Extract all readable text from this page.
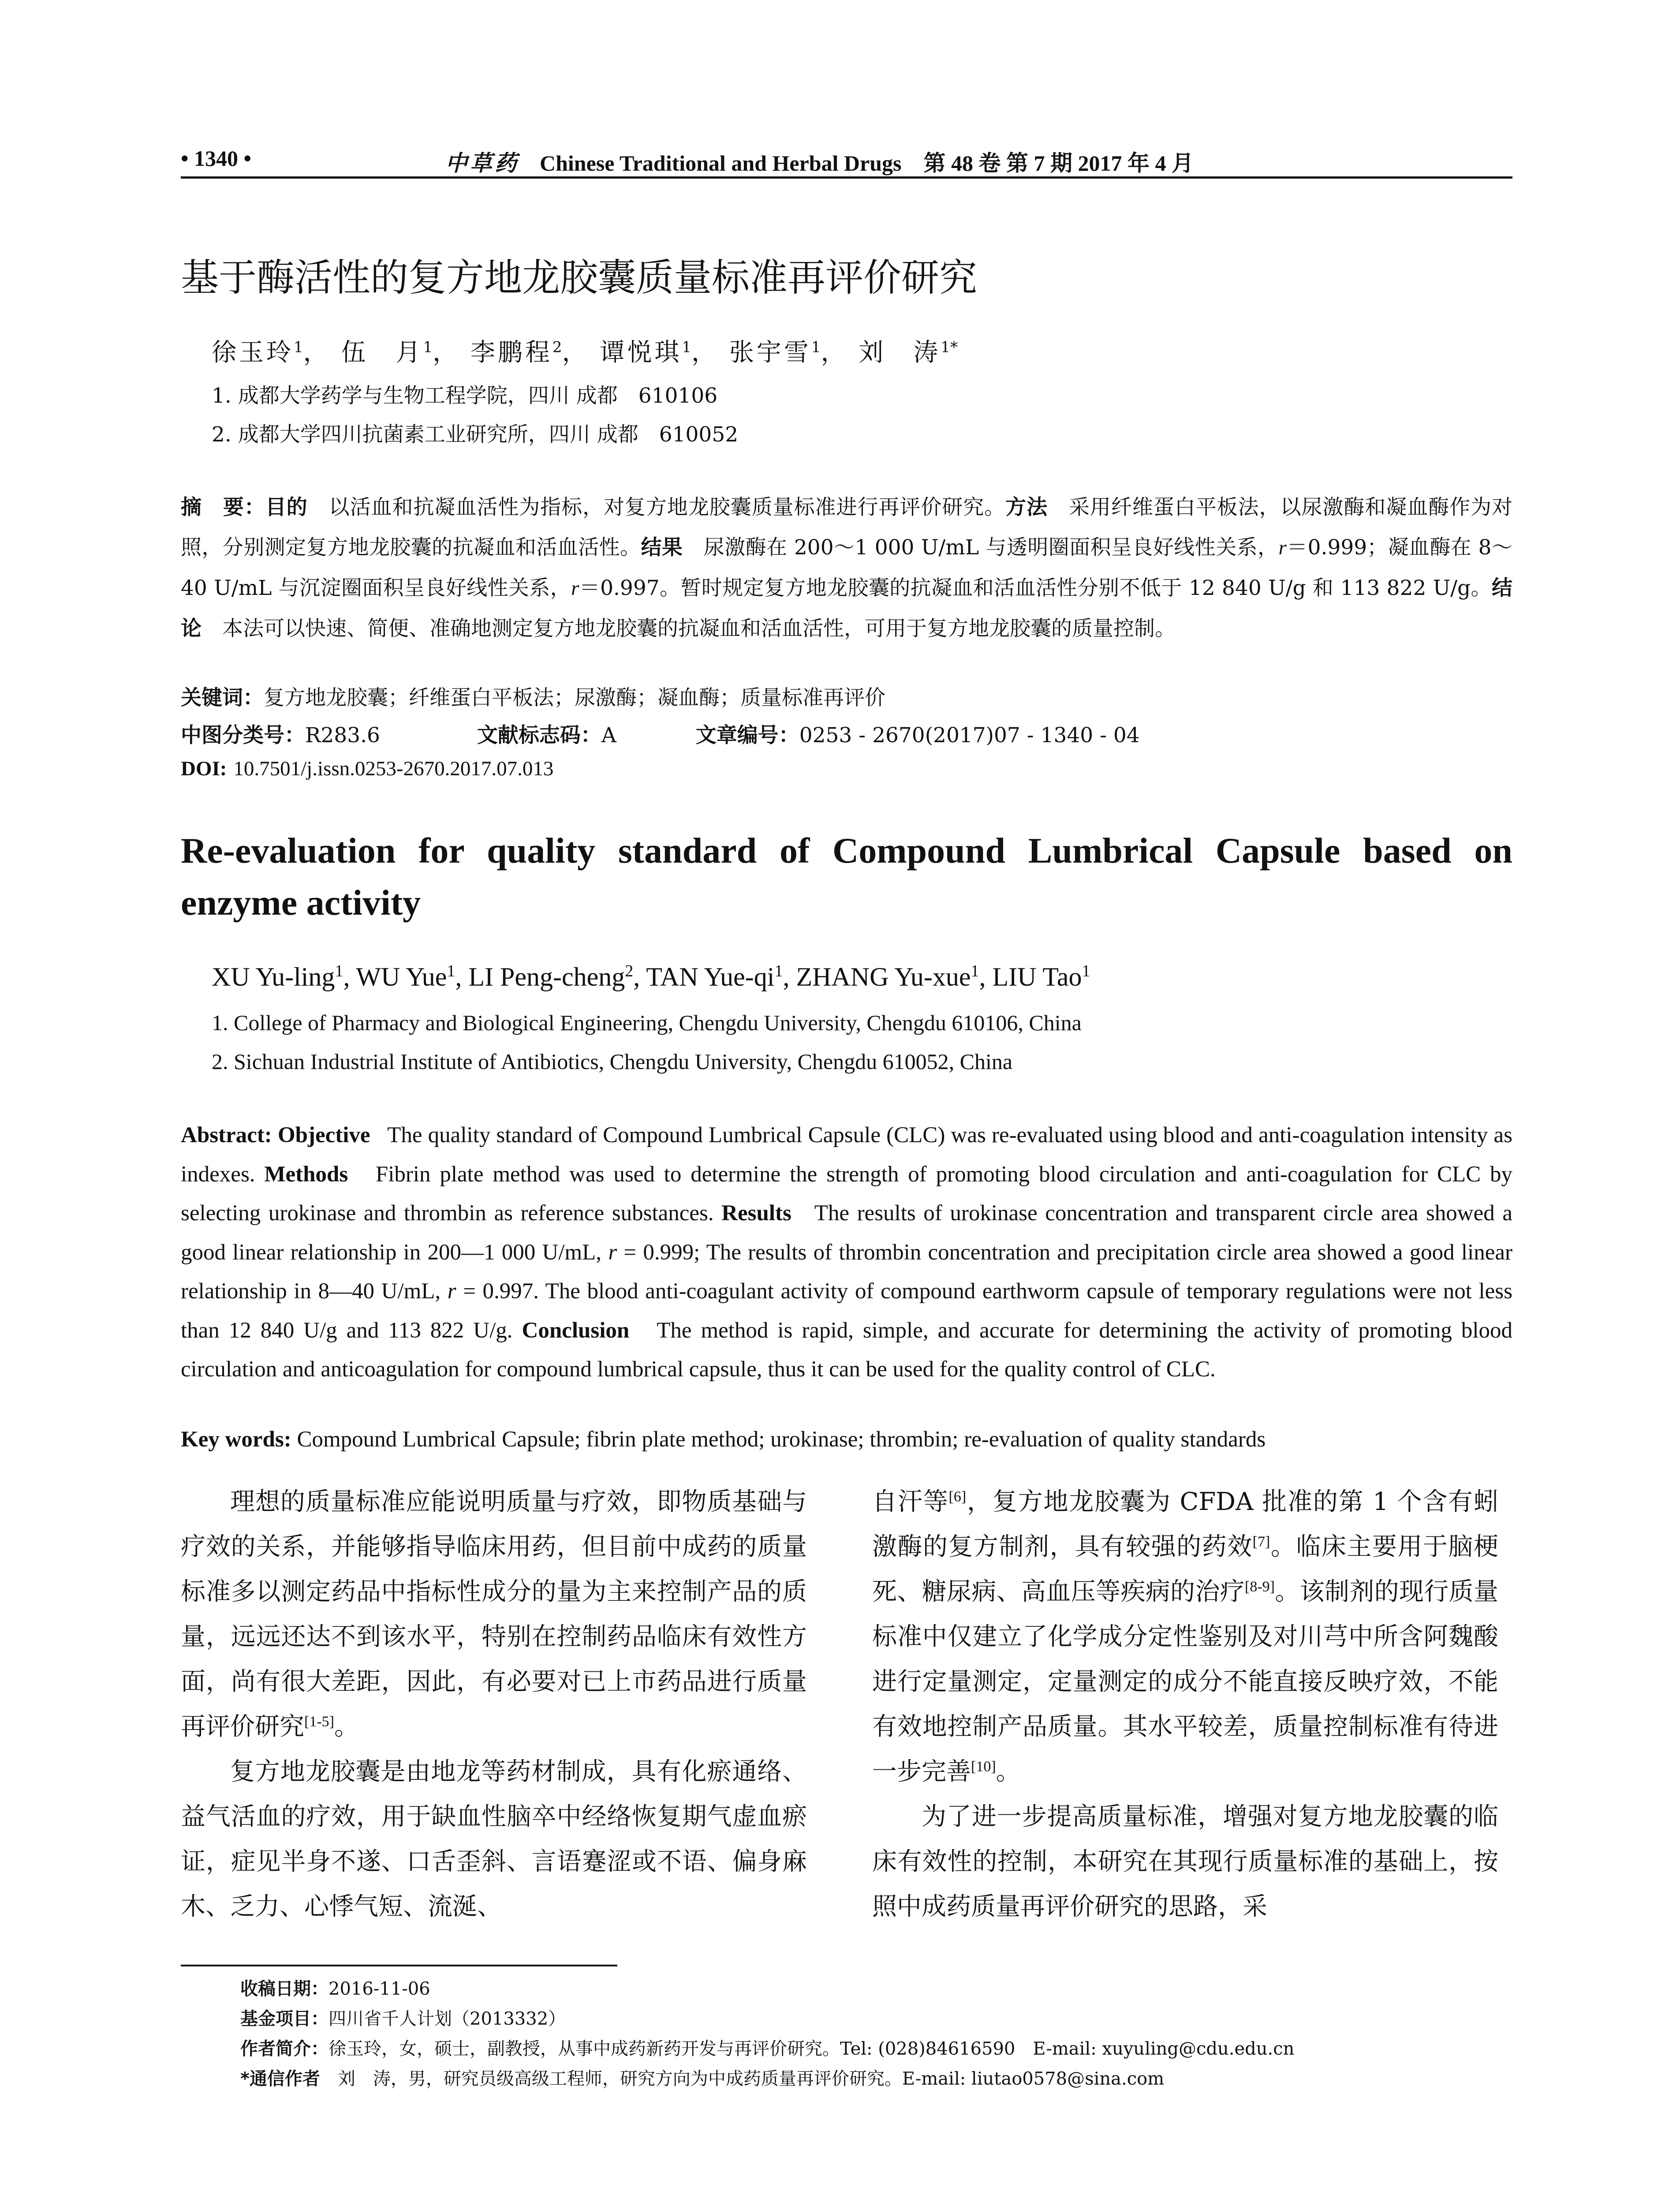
• 1340 •	中草药 Chinese Traditional and Herbal Drugs 第 48 卷 第 7 期 2017 年 4 月
基于酶活性的复方地龙胶囊质量标准再评价研究
徐玉玲$^1$， 伍　月$^1$， 李鹏程$^2$， 谭悦琪$^1$， 张宇雪$^1$， 刘　涛$^{1*}$
1. 成都大学药学与生物工程学院，四川 成都　610106
2. 成都大学四川抗菌素工业研究所，四川 成都　610052
摘　要：目的　 以活血和抗凝血活性为指标，对复方地龙胶囊质量标准进行再评价研究。方法　 采用纤维蛋白平板法，以尿激酶和凝血酶作为对照，分别测定复方地龙胶囊的抗凝血和活血活性。结果　 尿激酶在 200～1 000 U/mL 与透明圈面积呈良好线性关系，r＝0.999；凝血酶在 8～40 U/mL 与沉淀圈面积呈良好线性关系，r＝0.997。暂时规定复方地龙胶囊的抗凝血和活血活性分别不低于 12 840 U/g 和 113 822 U/g。结论　 本法可以快速、简便、准确地测定复方地龙胶囊的抗凝血和活血活性，可用于复方地龙胶囊的质量控制。
关键词：复方地龙胶囊；纤维蛋白平板法；尿激酶；凝血酶；质量标准再评价
中图分类号：R283.6	文献标志码：A	文章编号：0253 - 2670(2017)07 - 1340 - 04
DOI: 10.7501/j.issn.0253-2670.2017.07.013
Re-evaluation for quality standard of Compound Lumbrical Capsule based on enzyme activity
XU Yu-ling$^1$, WU Yue$^1$, LI Peng-cheng$^2$, TAN Yue-$qi^1$, ZHANG Yu-xue$^1$, LIU Tao$^1$
1. College of Pharmacy and Biological Engineering, Chengdu University, Chengdu 610106, China
2. Sichuan Industrial Institute of Antibiotics, Chengdu University, Chengdu 610052, China
Abstract: Objective The quality standard of Compound Lumbrical Capsule (CLC) was re-evaluated using blood and anti-coagulation intensity as indexes. Methods Fibrin plate method was used to determine the strength of promoting blood circulation and anti-coagulation for CLC by selecting urokinase and thrombin as reference substances. Results The results of urokinase concentration and transparent circle area showed a good linear relationship in 200—1 000 U/mL, r = 0.999; The results of thrombin concentration and precipitation circle area showed a good linear relationship in 8—40 U/mL, r = 0.997. The blood anti-coagulant activity of compound earthworm capsule of temporary regulations were not less than 12 840 U/g and 113 822 U/g. Conclusion The method is rapid, simple, and accurate for determining the activity of promoting blood circulation and anticoagulation for compound lumbrical capsule, thus it can be used for the quality control of CLC.
Key words: Compound Lumbrical Capsule; fibrin plate method; urokinase; thrombin; re-evaluation of quality standards

理想的质量标准应能说明质量与疗效，即物质基础与疗效的关系，并能够指导临床用药，但目前中成药的质量标准多以测定药品中指标性成分的量为主来控制产品的质量，远远还达不到该水平，特别在控制药品临床有效性方面，尚有很大差距，因此，有必要对已上市药品进行质量再评价研究[1-5]。

复方地龙胶囊是由地龙等药材制成，具有化瘀通络、益气活血的疗效，用于缺血性脑卒中经络恢复期气虚血瘀证，症见半身不遂、口舌歪斜、言语蹇涩或不语、偏身麻木、乏力、心悸气短、流涎、

自汗等[6]，复方地龙胶囊为 CFDA 批准的第 1 个含有蚓激酶的复方制剂，具有较强的药效[7]。临床主要用于脑梗死、糖尿病、高血压等疾病的治疗[8-9]。该制剂的现行质量标准中仅建立了化学成分定性鉴别及对川芎中所含阿魏酸进行定量测定，定量测定的成分不能直接反映疗效，不能有效地控制产品质量。其水平较差，质量控制标准有待进一步完善[10]。

为了进一步提高质量标准，增强对复方地龙胶囊的临床有效性的控制，本研究在其现行质量标准的基础上，按照中成药质量再评价研究的思路，采

收稿日期：2016-11-06
基金项目：四川省千人计划（2013332）
作者简介：徐玉玲，女，硕士，副教授，从事中成药新药开发与再评价研究。Tel: (028)84616590　E-mail: xuyuling@cdu.edu.cn
*通信作者　 刘　涛，男，研究员级高级工程师，研究方向为中成药质量再评价研究。E-mail: liutao0578@sina.com
